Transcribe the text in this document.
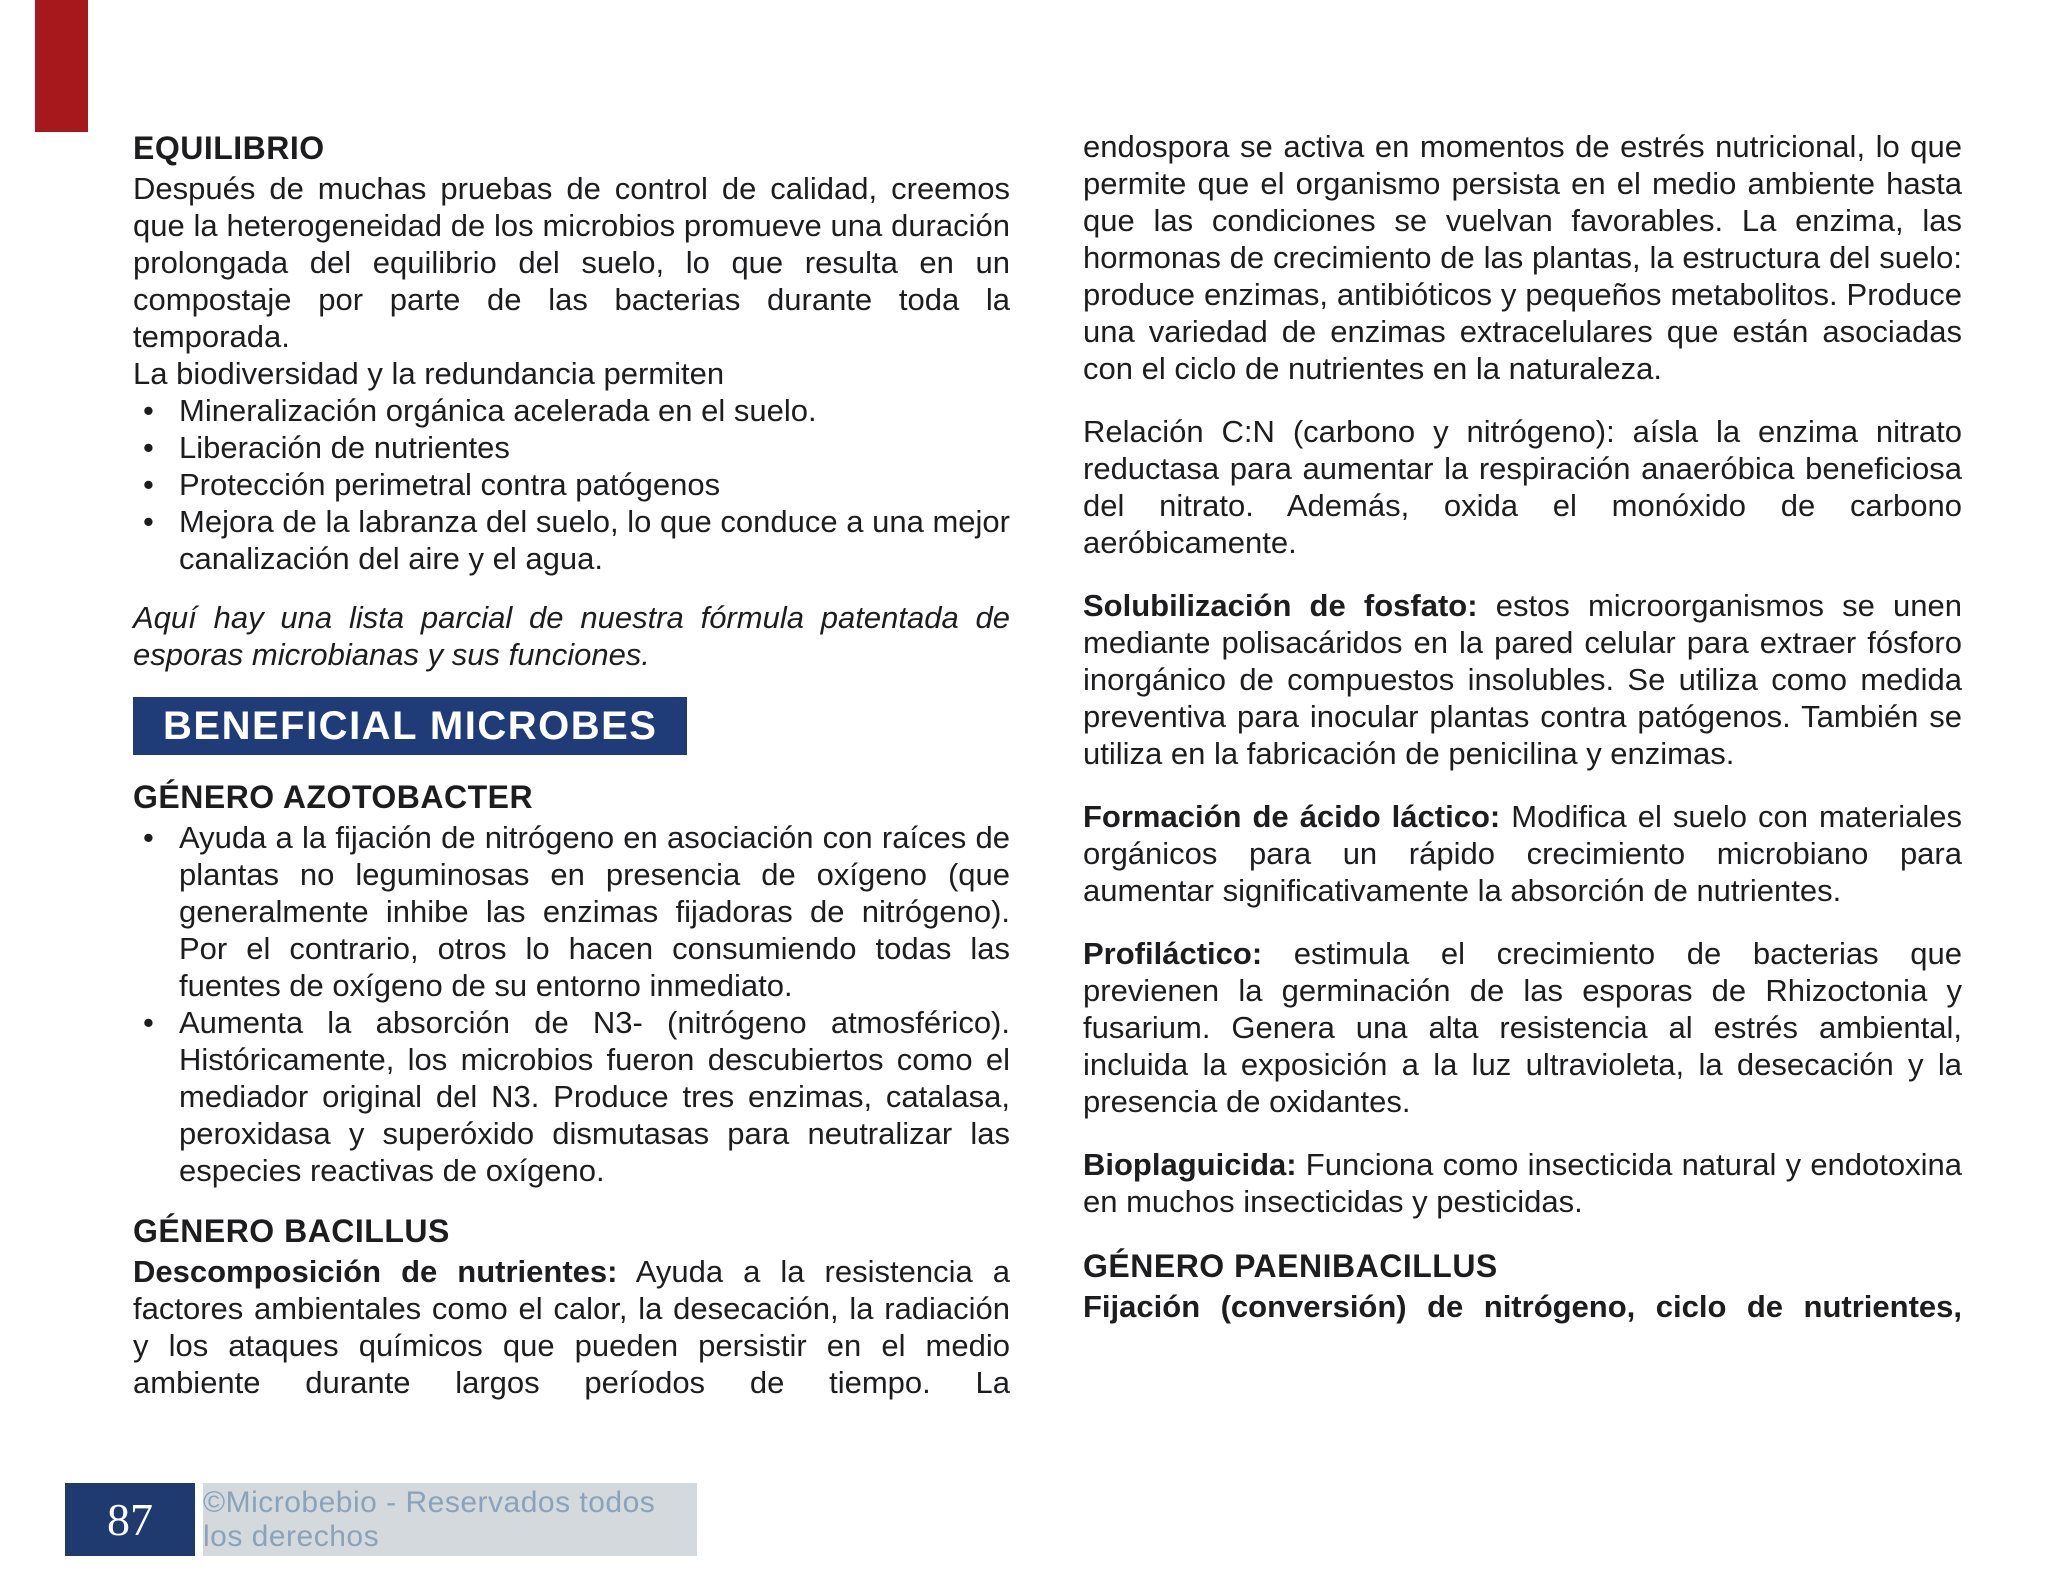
EQUILIBRIO

Después de muchas pruebas de control de calidad, creemos que la heterogeneidad de los microbios promueve una duración prolongada del equilibrio del suelo, lo que resulta en un compostaje por parte de las bacterias durante toda la temporada.

La biodiversidad y la redundancia permiten

• Mineralización orgánica acelerada en el suelo.
• Liberación de nutrientes
• Protección perimetral contra patógenos
• Mejora de la labranza del suelo, lo que conduce a una mejor canalización del aire y el agua.

Aquí hay una lista parcial de nuestra fórmula patentada de esporas microbianas y sus funciones.

BENEFICIAL MICROBES
GÉNERO AZOTOBACTER
• Ayuda a la fijación de nitrógeno en asociación con raíces de plantas no leguminosas en presencia de oxígeno (que generalmente inhibe las enzimas fijadoras de nitrógeno). Por el contrario, otros lo hacen consumiendo todas las fuentes de oxígeno de su entorno inmediato.
• Aumenta la absorción de N3- (nitrógeno atmosférico). Históricamente, los microbios fueron descubiertos como el mediador original del N3. Produce tres enzimas, catalasa, peroxidasa y superóxido dismutasas para neutralizar las especies reactivas de oxígeno.
GÉNERO BACILLUS

Descomposición de nutrientes: Ayuda a la resistencia a factores ambientales como el calor, la desecación, la radiación y los ataques químicos que pueden persistir en el medio ambiente durante largos períodos de tiempo. La

endospora se activa en momentos de estrés nutricional, lo que permite que el organismo persista en el medio ambiente hasta que las condiciones se vuelvan favorables. La enzima, las hormonas de crecimiento de las plantas, la estructura del suelo: produce enzimas, antibióticos y pequeños metabolitos. Produce una variedad de enzimas extracelulares que están asociadas con el ciclo de nutrientes en la naturaleza.

Relación C:N (carbono y nitrógeno): aísla la enzima nitrato reductasa para aumentar la respiración anaeróbica beneficiosa del nitrato. Además, oxida el monóxido de carbono aeróbicamente.

Solubilización de fosfato: estos microorganismos se unen mediante polisacáridos en la pared celular para extraer fósforo inorgánico de compuestos insolubles. Se utiliza como medida preventiva para inocular plantas contra patógenos. También se utiliza en la fabricación de penicilina y enzimas.

Formación de ácido láctico: Modifica el suelo con materiales orgánicos para un rápido crecimiento microbiano para aumentar significativamente la absorción de nutrientes.

Profiláctico: estimula el crecimiento de bacterias que previenen la germinación de las esporas de Rhizoctonia y fusarium. Genera una alta resistencia al estrés ambiental, incluida la exposición a la luz ultravioleta, la desecación y la presencia de oxidantes.

Bioplaguicida: Funciona como insecticida natural y endotoxina en muchos insecticidas y pesticidas.

GÉNERO PAENIBACILLUS

Fijación (conversión) de nitrógeno, ciclo de nutrientes,

87 ©Microbebio - Reservados todos los derechos
